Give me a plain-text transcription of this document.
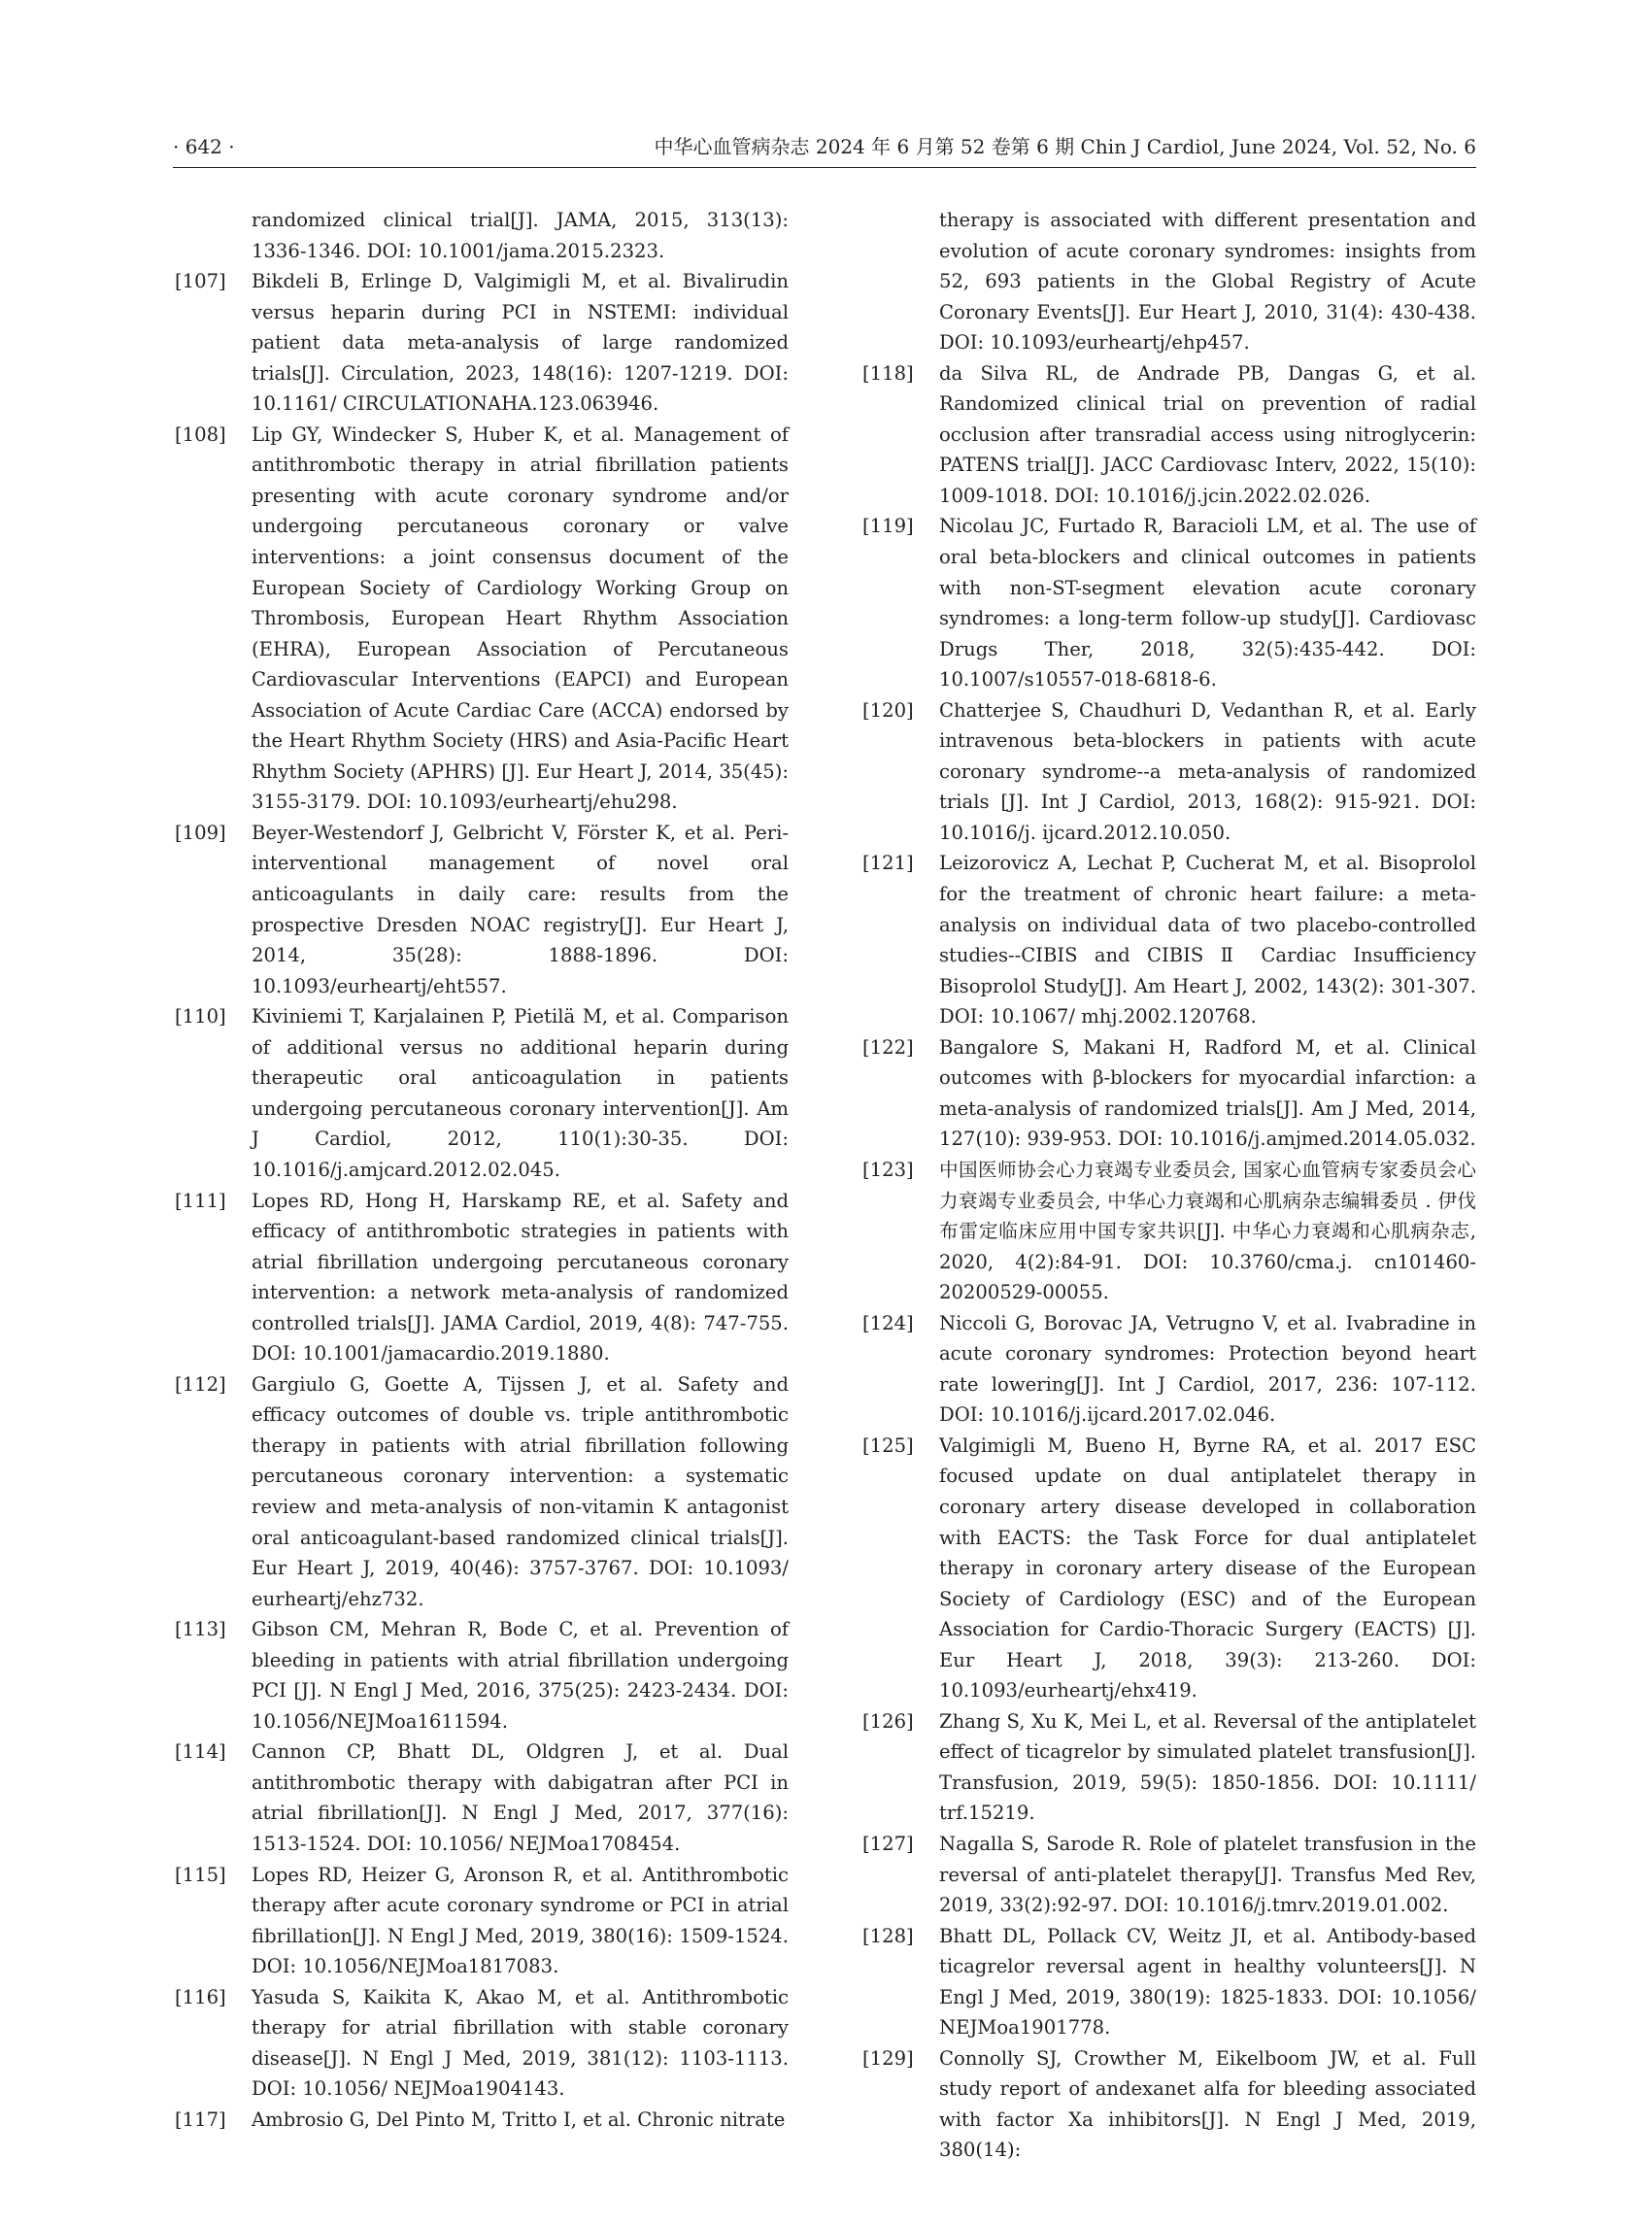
· 642 ·	中华心血管病杂志 2024 年 6 月第 52 卷第 6 期 Chin J Cardiol, June 2024, Vol. 52, No. 6
randomized clinical trial[J]. JAMA, 2015, 313(13): 1336-1346. DOI: 10.1001/jama.2015.2323.
[107]	Bikdeli B, Erlinge D, Valgimigli M, et al. Bivalirudin versus heparin during PCI in NSTEMI: individual patient data meta-analysis of large randomized trials[J]. Circulation, 2023, 148(16): 1207-1219. DOI: 10.1161/ CIRCULATIONAHA.123.063946.
[108]	Lip GY, Windecker S, Huber K, et al. Management of antithrombotic therapy in atrial fibrillation patients presenting with acute coronary syndrome and/or undergoing percutaneous coronary or valve interventions: a joint consensus document of the European Society of Cardiology Working Group on Thrombosis, European Heart Rhythm Association (EHRA), European Association of Percutaneous Cardiovascular Interventions (EAPCI) and European Association of Acute Cardiac Care (ACCA) endorsed by the Heart Rhythm Society (HRS) and Asia-Pacific Heart Rhythm Society (APHRS) [J]. Eur Heart J, 2014, 35(45): 3155-3179. DOI: 10.1093/eurheartj/ehu298.
[109]	Beyer-Westendorf J, Gelbricht V, Förster K, et al. Peri-interventional management of novel oral anticoagulants in daily care: results from the prospective Dresden NOAC registry[J]. Eur Heart J, 2014, 35(28): 1888-1896. DOI: 10.1093/eurheartj/eht557.
[110]	Kiviniemi T, Karjalainen P, Pietilä M, et al. Comparison of additional versus no additional heparin during therapeutic oral anticoagulation in patients undergoing percutaneous coronary intervention[J]. Am J Cardiol, 2012, 110(1):30-35. DOI: 10.1016/j.amjcard.2012.02.045.
[111]	Lopes RD, Hong H, Harskamp RE, et al. Safety and efficacy of antithrombotic strategies in patients with atrial fibrillation undergoing percutaneous coronary intervention: a network meta-analysis of randomized controlled trials[J]. JAMA Cardiol, 2019, 4(8): 747-755. DOI: 10.1001/jamacardio.2019.1880.
[112]	Gargiulo G, Goette A, Tijssen J, et al. Safety and efficacy outcomes of double vs. triple antithrombotic therapy in patients with atrial fibrillation following percutaneous coronary intervention: a systematic review and meta-analysis of non-vitamin K antagonist oral anticoagulant-based randomized clinical trials[J]. Eur Heart J, 2019, 40(46): 3757-3767. DOI: 10.1093/ eurheartj/ehz732.
[113]	Gibson CM, Mehran R, Bode C, et al. Prevention of bleeding in patients with atrial fibrillation undergoing PCI [J]. N Engl J Med, 2016, 375(25): 2423-2434. DOI: 10.1056/NEJMoa1611594.
[114]	Cannon CP, Bhatt DL, Oldgren J, et al. Dual antithrombotic therapy with dabigatran after PCI in atrial fibrillation[J]. N Engl J Med, 2017, 377(16): 1513-1524. DOI: 10.1056/ NEJMoa1708454.
[115]	Lopes RD, Heizer G, Aronson R, et al. Antithrombotic therapy after acute coronary syndrome or PCI in atrial fibrillation[J]. N Engl J Med, 2019, 380(16): 1509-1524. DOI: 10.1056/NEJMoa1817083.
[116]	Yasuda S, Kaikita K, Akao M, et al. Antithrombotic therapy for atrial fibrillation with stable coronary disease[J]. N Engl J Med, 2019, 381(12): 1103-1113. DOI: 10.1056/ NEJMoa1904143.
[117]	Ambrosio G, Del Pinto M, Tritto I, et al. Chronic nitrate
therapy is associated with different presentation and evolution of acute coronary syndromes: insights from 52, 693 patients in the Global Registry of Acute Coronary Events[J]. Eur Heart J, 2010, 31(4): 430-438. DOI: 10.1093/eurheartj/ehp457.
[118]	da Silva RL, de Andrade PB, Dangas G, et al. Randomized clinical trial on prevention of radial occlusion after transradial access using nitroglycerin: PATENS trial[J]. JACC Cardiovasc Interv, 2022, 15(10): 1009-1018. DOI: 10.1016/j.jcin.2022.02.026.
[119]	Nicolau JC, Furtado R, Baracioli LM, et al. The use of oral beta-blockers and clinical outcomes in patients with non-ST-segment elevation acute coronary syndromes: a long-term follow-up study[J]. Cardiovasc Drugs Ther, 2018, 32(5):435-442. DOI: 10.1007/s10557-018-6818-6.
[120]	Chatterjee S, Chaudhuri D, Vedanthan R, et al. Early intravenous beta-blockers in patients with acute coronary syndrome--a meta-analysis of randomized trials [J]. Int J Cardiol, 2013, 168(2): 915-921. DOI: 10.1016/j. ijcard.2012.10.050.
[121]	Leizorovicz A, Lechat P, Cucherat M, et al. Bisoprolol for the treatment of chronic heart failure: a meta-analysis on individual data of two placebo-controlled studies--CIBIS and CIBIS Ⅱ Cardiac Insufficiency Bisoprolol Study[J]. Am Heart J, 2002, 143(2): 301-307. DOI: 10.1067/ mhj.2002.120768.
[122]	Bangalore S, Makani H, Radford M, et al. Clinical outcomes with β-blockers for myocardial infarction: a meta-analysis of randomized trials[J]. Am J Med, 2014, 127(10): 939-953. DOI: 10.1016/j.amjmed.2014.05.032.
[123]	中国医师协会心力衰竭专业委员会, 国家心血管病专家委员会心力衰竭专业委员会, 中华心力衰竭和心肌病杂志编辑委员 . 伊伐布雷定临床应用中国专家共识[J]. 中华心力衰竭和心肌病杂志, 2020, 4(2):84-91. DOI: 10.3760/cma.j. cn101460-20200529-00055.
[124]	Niccoli G, Borovac JA, Vetrugno V, et al. Ivabradine in acute coronary syndromes: Protection beyond heart rate lowering[J]. Int J Cardiol, 2017, 236: 107-112. DOI: 10.1016/j.ijcard.2017.02.046.
[125]	Valgimigli M, Bueno H, Byrne RA, et al. 2017 ESC focused update on dual antiplatelet therapy in coronary artery disease developed in collaboration with EACTS: the Task Force for dual antiplatelet therapy in coronary artery disease of the European Society of Cardiology (ESC) and of the European Association for Cardio-Thoracic Surgery (EACTS) [J]. Eur Heart J, 2018, 39(3): 213-260. DOI: 10.1093/eurheartj/ehx419.
[126]	Zhang S, Xu K, Mei L, et al. Reversal of the antiplatelet effect of ticagrelor by simulated platelet transfusion[J]. Transfusion, 2019, 59(5): 1850-1856. DOI: 10.1111/ trf.15219.
[127]	Nagalla S, Sarode R. Role of platelet transfusion in the reversal of anti-platelet therapy[J]. Transfus Med Rev, 2019, 33(2):92-97. DOI: 10.1016/j.tmrv.2019.01.002.
[128]	Bhatt DL, Pollack CV, Weitz JI, et al. Antibody-based ticagrelor reversal agent in healthy volunteers[J]. N Engl J Med, 2019, 380(19): 1825-1833. DOI: 10.1056/ NEJMoa1901778.
[129]	Connolly SJ, Crowther M, Eikelboom JW, et al. Full study report of andexanet alfa for bleeding associated with factor Xa inhibitors[J]. N Engl J Med, 2019, 380(14):
